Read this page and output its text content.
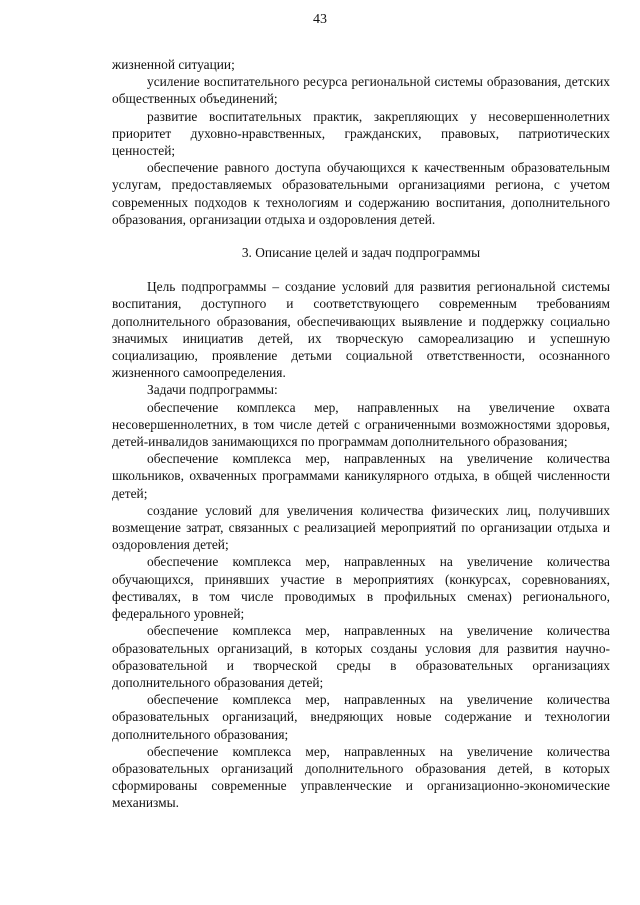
43

жизненной ситуации;

усиление воспитательного ресурса региональной системы образования, детских общественных объединений;

развитие воспитательных практик, закрепляющих у несовершеннолетних приоритет духовно-нравственных, гражданских, правовых, патриотических ценностей;

обеспечение равного доступа обучающихся к качественным образовательным услугам, предоставляемых образовательными организациями региона, с учетом современных подходов к технологиям и содержанию воспитания, дополнительного образования, организации отдыха и оздоровления детей.

3. Описание целей и задач подпрограммы

Цель подпрограммы – создание условий для развития региональной системы воспитания, доступного и соответствующего современным требованиям дополнительного образования, обеспечивающих выявление и поддержку социально значимых инициатив детей, их творческую самореализацию и успешную социализацию, проявление детьми социальной ответственности, осознанного жизненного самоопределения.

Задачи подпрограммы:

обеспечение комплекса мер, направленных на увеличение охвата несовершеннолетних, в том числе детей с ограниченными возможностями здоровья, детей-инвалидов занимающихся по программам дополнительного образования;

обеспечение комплекса мер, направленных на увеличение количества школьников, охваченных программами каникулярного отдыха, в общей численности детей;

создание условий для увеличения количества физических лиц, получивших возмещение затрат, связанных с реализацией мероприятий по организации отдыха и оздоровления детей;

обеспечение комплекса мер, направленных на увеличение количества обучающихся, принявших участие в мероприятиях (конкурсах, соревнованиях, фестивалях, в том числе проводимых в профильных сменах) регионального, федерального уровней;

обеспечение комплекса мер, направленных на увеличение количества образовательных организаций, в которых созданы условия для развития научно-образовательной и творческой среды в образовательных организациях дополнительного образования детей;

обеспечение комплекса мер, направленных на увеличение количества образовательных организаций, внедряющих новые содержание и технологии дополнительного образования;

обеспечение комплекса мер, направленных на увеличение количества образовательных организаций дополнительного образования детей, в которых сформированы современные управленческие и организационно-экономические механизмы.
